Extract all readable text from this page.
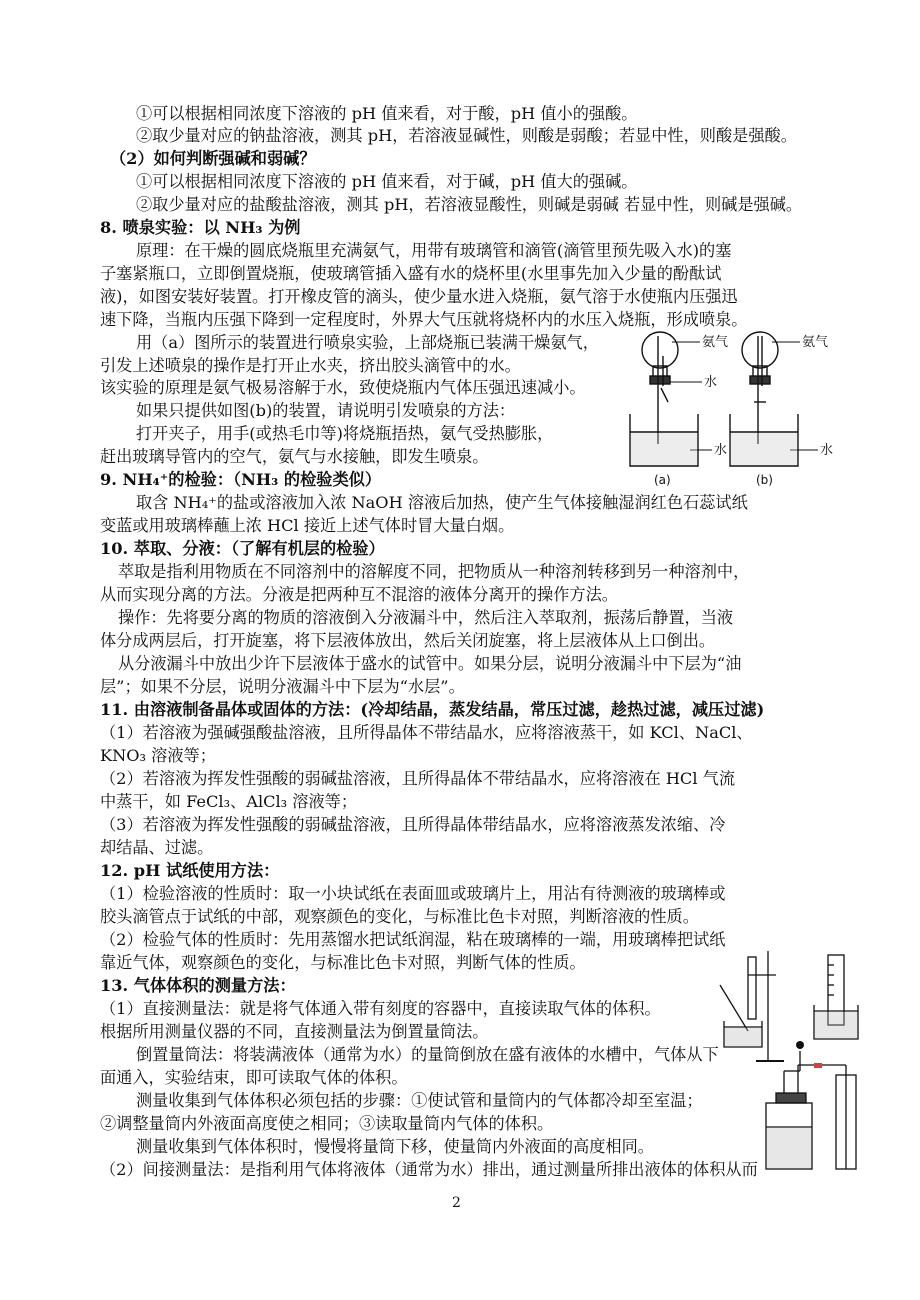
①可以根据相同浓度下溶液的 pH 值来看，对于酸，pH 值小的强酸。
②取少量对应的钠盐溶液，测其 pH，若溶液显碱性，则酸是弱酸；若显中性，则酸是强酸。
（2）如何判断强碱和弱碱？
①可以根据相同浓度下溶液的 pH 值来看，对于碱，pH 值大的强碱。
②取少量对应的盐酸盐溶液，测其 pH，若溶液显酸性，则碱是弱碱 若显中性，则碱是强碱。
8. 喷泉实验：以 NH₃ 为例
原理：在干燥的圆底烧瓶里充满氨气，用带有玻璃管和滴管(滴管里预先吸入水)的塞
子塞紧瓶口，立即倒置烧瓶，使玻璃管插入盛有水的烧杯里(水里事先加入少量的酚酞试
液)，如图安装好装置。打开橡皮管的滴头，使少量水进入烧瓶，氨气溶于水使瓶内压强迅
速下降，当瓶内压强下降到一定程度时，外界大气压就将烧杯内的水压入烧瓶，形成喷泉。
用（a）图所示的装置进行喷泉实验，上部烧瓶已装满干燥氨气，
引发上述喷泉的操作是打开止水夹，挤出胶头滴管中的水。
该实验的原理是氨气极易溶解于水，致使烧瓶内气体压强迅速减小。
如果只提供如图(b)的装置，请说明引发喷泉的方法：
打开夹子，用手(或热毛巾等)将烧瓶捂热，氨气受热膨胀，
赶出玻璃导管内的空气，氨气与水接触，即发生喷泉。
9. NH₄⁺的检验：（NH₃ 的检验类似）
取含 NH₄⁺的盐或溶液加入浓 NaOH 溶液后加热，使产生气体接触湿润红色石蕊试纸
变蓝或用玻璃棒蘸上浓 HCl 接近上述气体时冒大量白烟。
10. 萃取、分液：（了解有机层的检验）
萃取是指利用物质在不同溶剂中的溶解度不同，把物质从一种溶剂转移到另一种溶剂中，
从而实现分离的方法。分液是把两种互不混溶的液体分离开的操作方法。
操作：先将要分离的物质的溶液倒入分液漏斗中，然后注入萃取剂，振荡后静置，当液
体分成两层后，打开旋塞，将下层液体放出，然后关闭旋塞，将上层液体从上口倒出。
从分液漏斗中放出少许下层液体于盛水的试管中。如果分层，说明分液漏斗中下层为“油
层”；如果不分层，说明分液漏斗中下层为“水层”。
11. 由溶液制备晶体或固体的方法：(冷却结晶，蒸发结晶，常压过滤，趁热过滤，减压过滤)
（1）若溶液为强碱强酸盐溶液，且所得晶体不带结晶水，应将溶液蒸干，如 KCl、NaCl、
KNO₃ 溶液等；
（2）若溶液为挥发性强酸的弱碱盐溶液，且所得晶体不带结晶水，应将溶液在 HCl 气流
中蒸干，如 FeCl₃、AlCl₃ 溶液等；
（3）若溶液为挥发性强酸的弱碱盐溶液，且所得晶体带结晶水，应将溶液蒸发浓缩、冷
却结晶、过滤。
12. pH 试纸使用方法：
（1）检验溶液的性质时：取一小块试纸在表面皿或玻璃片上，用沾有待测液的玻璃棒或
胶头滴管点于试纸的中部，观察颜色的变化，与标准比色卡对照，判断溶液的性质。
（2）检验气体的性质时：先用蒸馏水把试纸润湿，粘在玻璃棒的一端，用玻璃棒把试纸
靠近气体，观察颜色的变化，与标准比色卡对照，判断气体的性质。
13. 气体体积的测量方法：
（1）直接测量法：就是将气体通入带有刻度的容器中，直接读取气体的体积。
根据所用测量仪器的不同，直接测量法为倒置量筒法。
倒置量筒法：将装满液体（通常为水）的量筒倒放在盛有液体的水槽中，气体从下
面通入，实验结束，即可读取气体的体积。
测量收集到气体体积必须包括的步骤：①使试管和量筒内的气体都冷却至室温；
②调整量筒内外液面高度使之相同；③读取量筒内气体的体积。
测量收集到气体体积时，慢慢将量筒下移，使量筒内外液面的高度相同。
（2）间接测量法：是指利用气体将液体（通常为水）排出，通过测量所排出液体的体积从而
氨气
水
水
氨气
水
(a)	(b)
2
